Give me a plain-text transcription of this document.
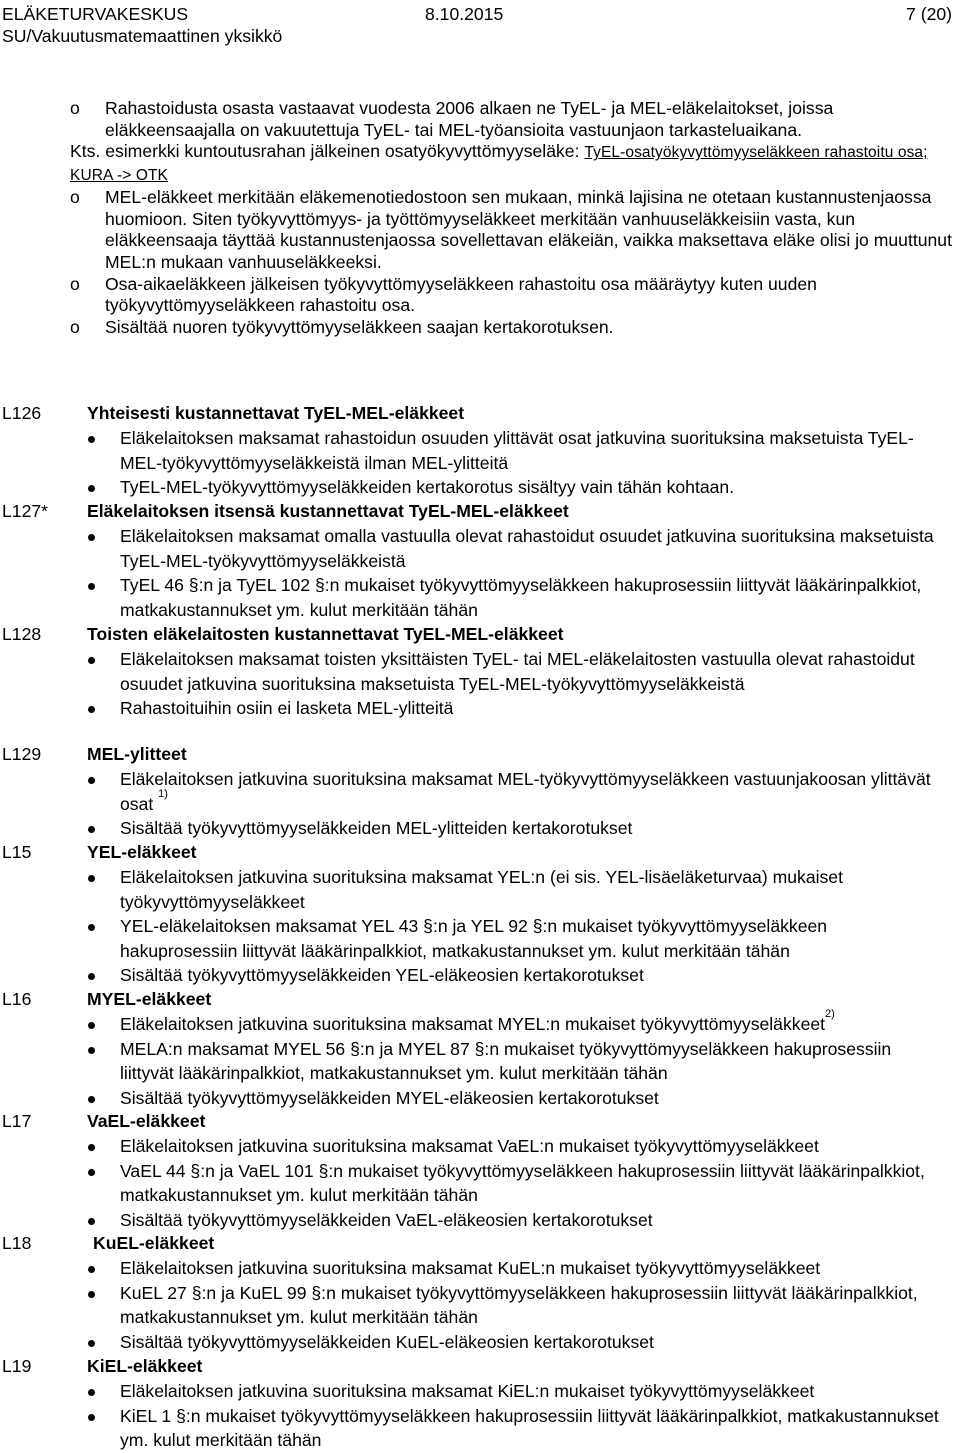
ELÄKETURVAKESKUS	8.10.2015	7 (20)
SU/Vakuutusmatemaattinen yksikkö
o Rahastoidusta osasta vastaavat vuodesta 2006 alkaen ne TyEL- ja MEL-eläkelaitokset, joissa eläkkeensaajalla on vakuutettuja TyEL- tai MEL-työansioita vastuunjaon tarkasteluaikana.
Kts. esimerkki kuntoutusrahan jälkeinen osatyökyvyttömyyseläke: TyEL-osatyökyvyttömyyseläkkeen rahastoitu osa; KURA -> OTK
o MEL-eläkkeet merkitään eläkemenotiedostoon sen mukaan, minkä lajisina ne otetaan kustannustenjaossa huomioon. Siten työkyvyttömyys- ja työttömyyseläkkeet merkitään vanhuuseläkkeisiin vasta, kun eläkkeensaaja täyttää kustannustenjaossa sovellettavan eläkeiän, vaikka maksettava eläke olisi jo muuttunut MEL:n mukaan vanhuuseläkkeeksi.
o Osa-aikaeläkkeen jälkeisen työkyvyttömyyseläkkeen rahastoitu osa määräytyy kuten uuden työkyvyttömyyseläkkeen rahastoitu osa.
o Sisältää nuoren työkyvyttömyyseläkkeen saajan kertakorotuksen.
L126	Yhteisesti kustannettavat TyEL-MEL-eläkkeet
Eläkelaitoksen maksamat rahastoidun osuuden ylittävät osat jatkuvina suorituksina maksetuista TyEL-MEL-työkyvyttömyyseläkkeistä ilman MEL-ylitteitä
TyEL-MEL-työkyvyttömyyseläkkeiden kertakorotus sisältyy vain tähän kohtaan.
L127* Eläkelaitoksen itsensä kustannettavat TyEL-MEL-eläkkeet
Eläkelaitoksen maksamat omalla vastuulla olevat rahastoidut osuudet jatkuvina suorituksina maksetuista TyEL-MEL-työkyvyttömyyseläkkeistä
TyEL 46 §:n ja TyEL 102 §:n mukaiset työkyvyttömyyseläkkeen hakuprosessiin liittyvät lääkärinpalkkiot, matkakustannukset ym. kulut merkitään tähän
L128	Toisten eläkelaitosten kustannettavat TyEL-MEL-eläkkeet
Eläkelaitoksen maksamat toisten yksittäisten TyEL- tai MEL-eläkelaitosten vastuulla olevat rahastoidut osuudet jatkuvina suorituksina maksetuista TyEL-MEL-työkyvyttömyyseläkkeistä
Rahastoituihin osiin ei lasketa MEL-ylitteitä
L129	MEL-ylitteet
Eläkelaitoksen jatkuvina suorituksina maksamat MEL-työkyvyttömyyseläkkeen vastuunjakoosan ylittävät osat $^{1)}$
Sisältää työkyvyttömyyseläkkeiden MEL-ylitteiden kertakorotukset
L15	YEL-eläkkeet
Eläkelaitoksen jatkuvina suorituksina maksamat YEL:n (ei sis. YEL-lisäeläketurvaa) mukaiset työkyvyttömyyseläkkeet
YEL-eläkelaitoksen maksamat YEL 43 §:n ja YEL 92 §:n mukaiset työkyvyttömyyseläkkeen hakuprosessiin liittyvät lääkärinpalkkiot, matkakustannukset ym. kulut merkitään tähän
Sisältää työkyvyttömyyseläkkeiden YEL-eläkeosien kertakorotukset
L16	MYEL-eläkkeet
Eläkelaitoksen jatkuvina suorituksina maksamat MYEL:n mukaiset työkyvyttömyyseläkkeet$^{2)}$
MELA:n maksamat MYEL 56 §:n ja MYEL 87 §:n mukaiset työkyvyttömyyseläkkeen hakuprosessiin liittyvät lääkärinpalkkiot, matkakustannukset ym. kulut merkitään tähän
Sisältää työkyvyttömyyseläkkeiden MYEL-eläkeosien kertakorotukset
L17	VaEL-eläkkeet
Eläkelaitoksen jatkuvina suorituksina maksamat VaEL:n mukaiset työkyvyttömyyseläkkeet
VaEL 44 §:n ja VaEL 101 §:n mukaiset työkyvyttömyyseläkkeen hakuprosessiin liittyvät lääkärinpalkkiot, matkakustannukset ym. kulut merkitään tähän
Sisältää työkyvyttömyyseläkkeiden VaEL-eläkeosien kertakorotukset
L18	KuEL-eläkkeet
Eläkelaitoksen jatkuvina suorituksina maksamat KuEL:n mukaiset työkyvyttömyyseläkkeet
KuEL 27 §:n ja KuEL 99 §:n mukaiset työkyvyttömyyseläkkeen hakuprosessiin liittyvät lääkärinpalkkiot, matkakustannukset ym. kulut merkitään tähän
Sisältää työkyvyttömyyseläkkeiden KuEL-eläkeosien kertakorotukset
L19	KiEL-eläkkeet
Eläkelaitoksen jatkuvina suorituksina maksamat KiEL:n mukaiset työkyvyttömyyseläkkeet
KiEL 1 §:n mukaiset työkyvyttömyyseläkkeen hakuprosessiin liittyvät lääkärinpalkkiot, matkakustannukset ym. kulut merkitään tähän
